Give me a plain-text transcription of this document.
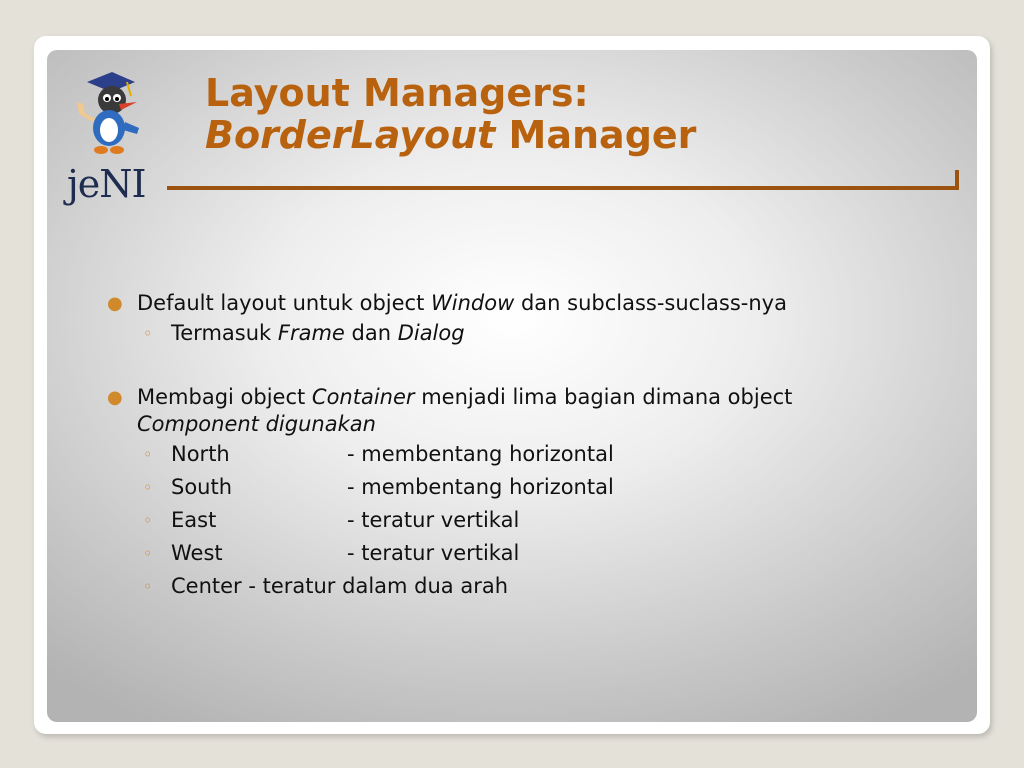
jeNI
Layout Managers:
BorderLayout Manager
● Default layout untuk object Window dan subclass-suclass-nya
◦ Termasuk Frame dan Dialog
● Membagi object Container menjadi lima bagian dimana object
Component digunakan
◦ North	- membentang horizontal
◦ South	- membentang horizontal
◦ East	- teratur vertikal
◦ West	- teratur vertikal
◦ Center - teratur dalam dua arah
